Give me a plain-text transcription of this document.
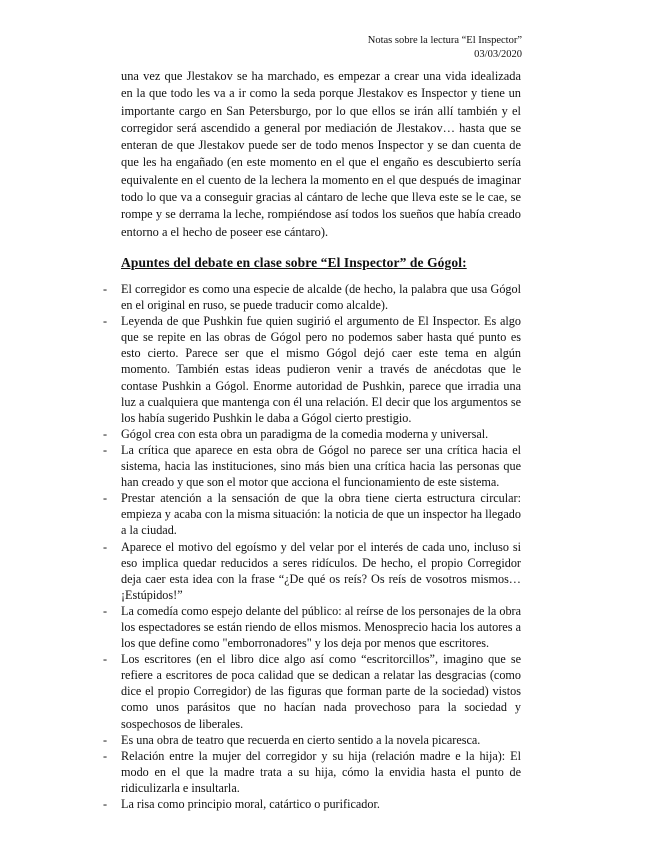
Notas sobre la lectura “El Inspector”
03/03/2020

una vez que Jlestakov se ha marchado, es empezar a crear una vida idealizada en la que todo les va a ir como la seda porque Jlestakov es Inspector y tiene un importante cargo en San Petersburgo, por lo que ellos se irán allí también y el corregidor será ascendido a general por mediación de Jlestakov… hasta que se enteran de que Jlestakov puede ser de todo menos Inspector y se dan cuenta de que les ha engañado (en este momento en el que el engaño es descubierto sería equivalente en el cuento de la lechera la momento en el que después de imaginar todo lo que va a conseguir gracias al cántaro de leche que lleva este se le cae, se rompe y se derrama la leche, rompiéndose así todos los sueños que había creado entorno a el hecho de poseer ese cántaro).

Apuntes del debate en clase sobre “El Inspector” de Gógol:
-	El corregidor es como una especie de alcalde (de hecho, la palabra que usa Gógol en el original en ruso, se puede traducir como alcalde).
-	Leyenda de que Pushkin fue quien sugirió el argumento de El Inspector. Es algo que se repite en las obras de Gógol pero no podemos saber hasta qué punto es esto cierto. Parece ser que el mismo Gógol dejó caer este tema en algún momento. También estas ideas pudieron venir a través de anécdotas que le contase Pushkin a Gógol. Enorme autoridad de Pushkin, parece que irradia una luz a cualquiera que mantenga con él una relación. El decir que los argumentos se los había sugerido Pushkin le daba a Gógol cierto prestigio.
-	Gógol crea con esta obra un paradigma de la comedia moderna y universal.
-	La crítica que aparece en esta obra de Gógol no parece ser una crítica hacia el sistema, hacia las instituciones, sino más bien una crítica hacia las personas que han creado y que son el motor que acciona el funcionamiento de este sistema.
-	Prestar atención a la sensación de que la obra tiene cierta estructura circular: empieza y acaba con la misma situación: la noticia de que un inspector ha llegado a la ciudad.
-	Aparece el motivo del egoísmo y del velar por el interés de cada uno, incluso si eso implica quedar reducidos a seres ridículos. De hecho, el propio Corregidor deja caer esta idea con la frase “¿De qué os reís? Os reís de vosotros mismos… ¡Estúpidos!”
-	La comedía como espejo delante del público: al reírse de los personajes de la obra los espectadores se están riendo de ellos mismos. Menosprecio hacia los autores a los que define como "emborronadores" y los deja por menos que escritores.
-	Los escritores (en el libro dice algo así como “escritorcillos”, imagino que se refiere a escritores de poca calidad que se dedican a relatar las desgracias (como dice el propio Corregidor) de las figuras que forman parte de la sociedad) vistos como unos parásitos que no hacían nada provechoso para la sociedad y sospechosos de liberales.
-	Es una obra de teatro que recuerda en cierto sentido a la novela picaresca.
-	Relación entre la mujer del corregidor y su hija (relación madre e la hija): El modo en el que la madre trata a su hija, cómo la envidia hasta el punto de ridiculizarla e insultarla.
-	La risa como principio moral, catártico o purificador.
